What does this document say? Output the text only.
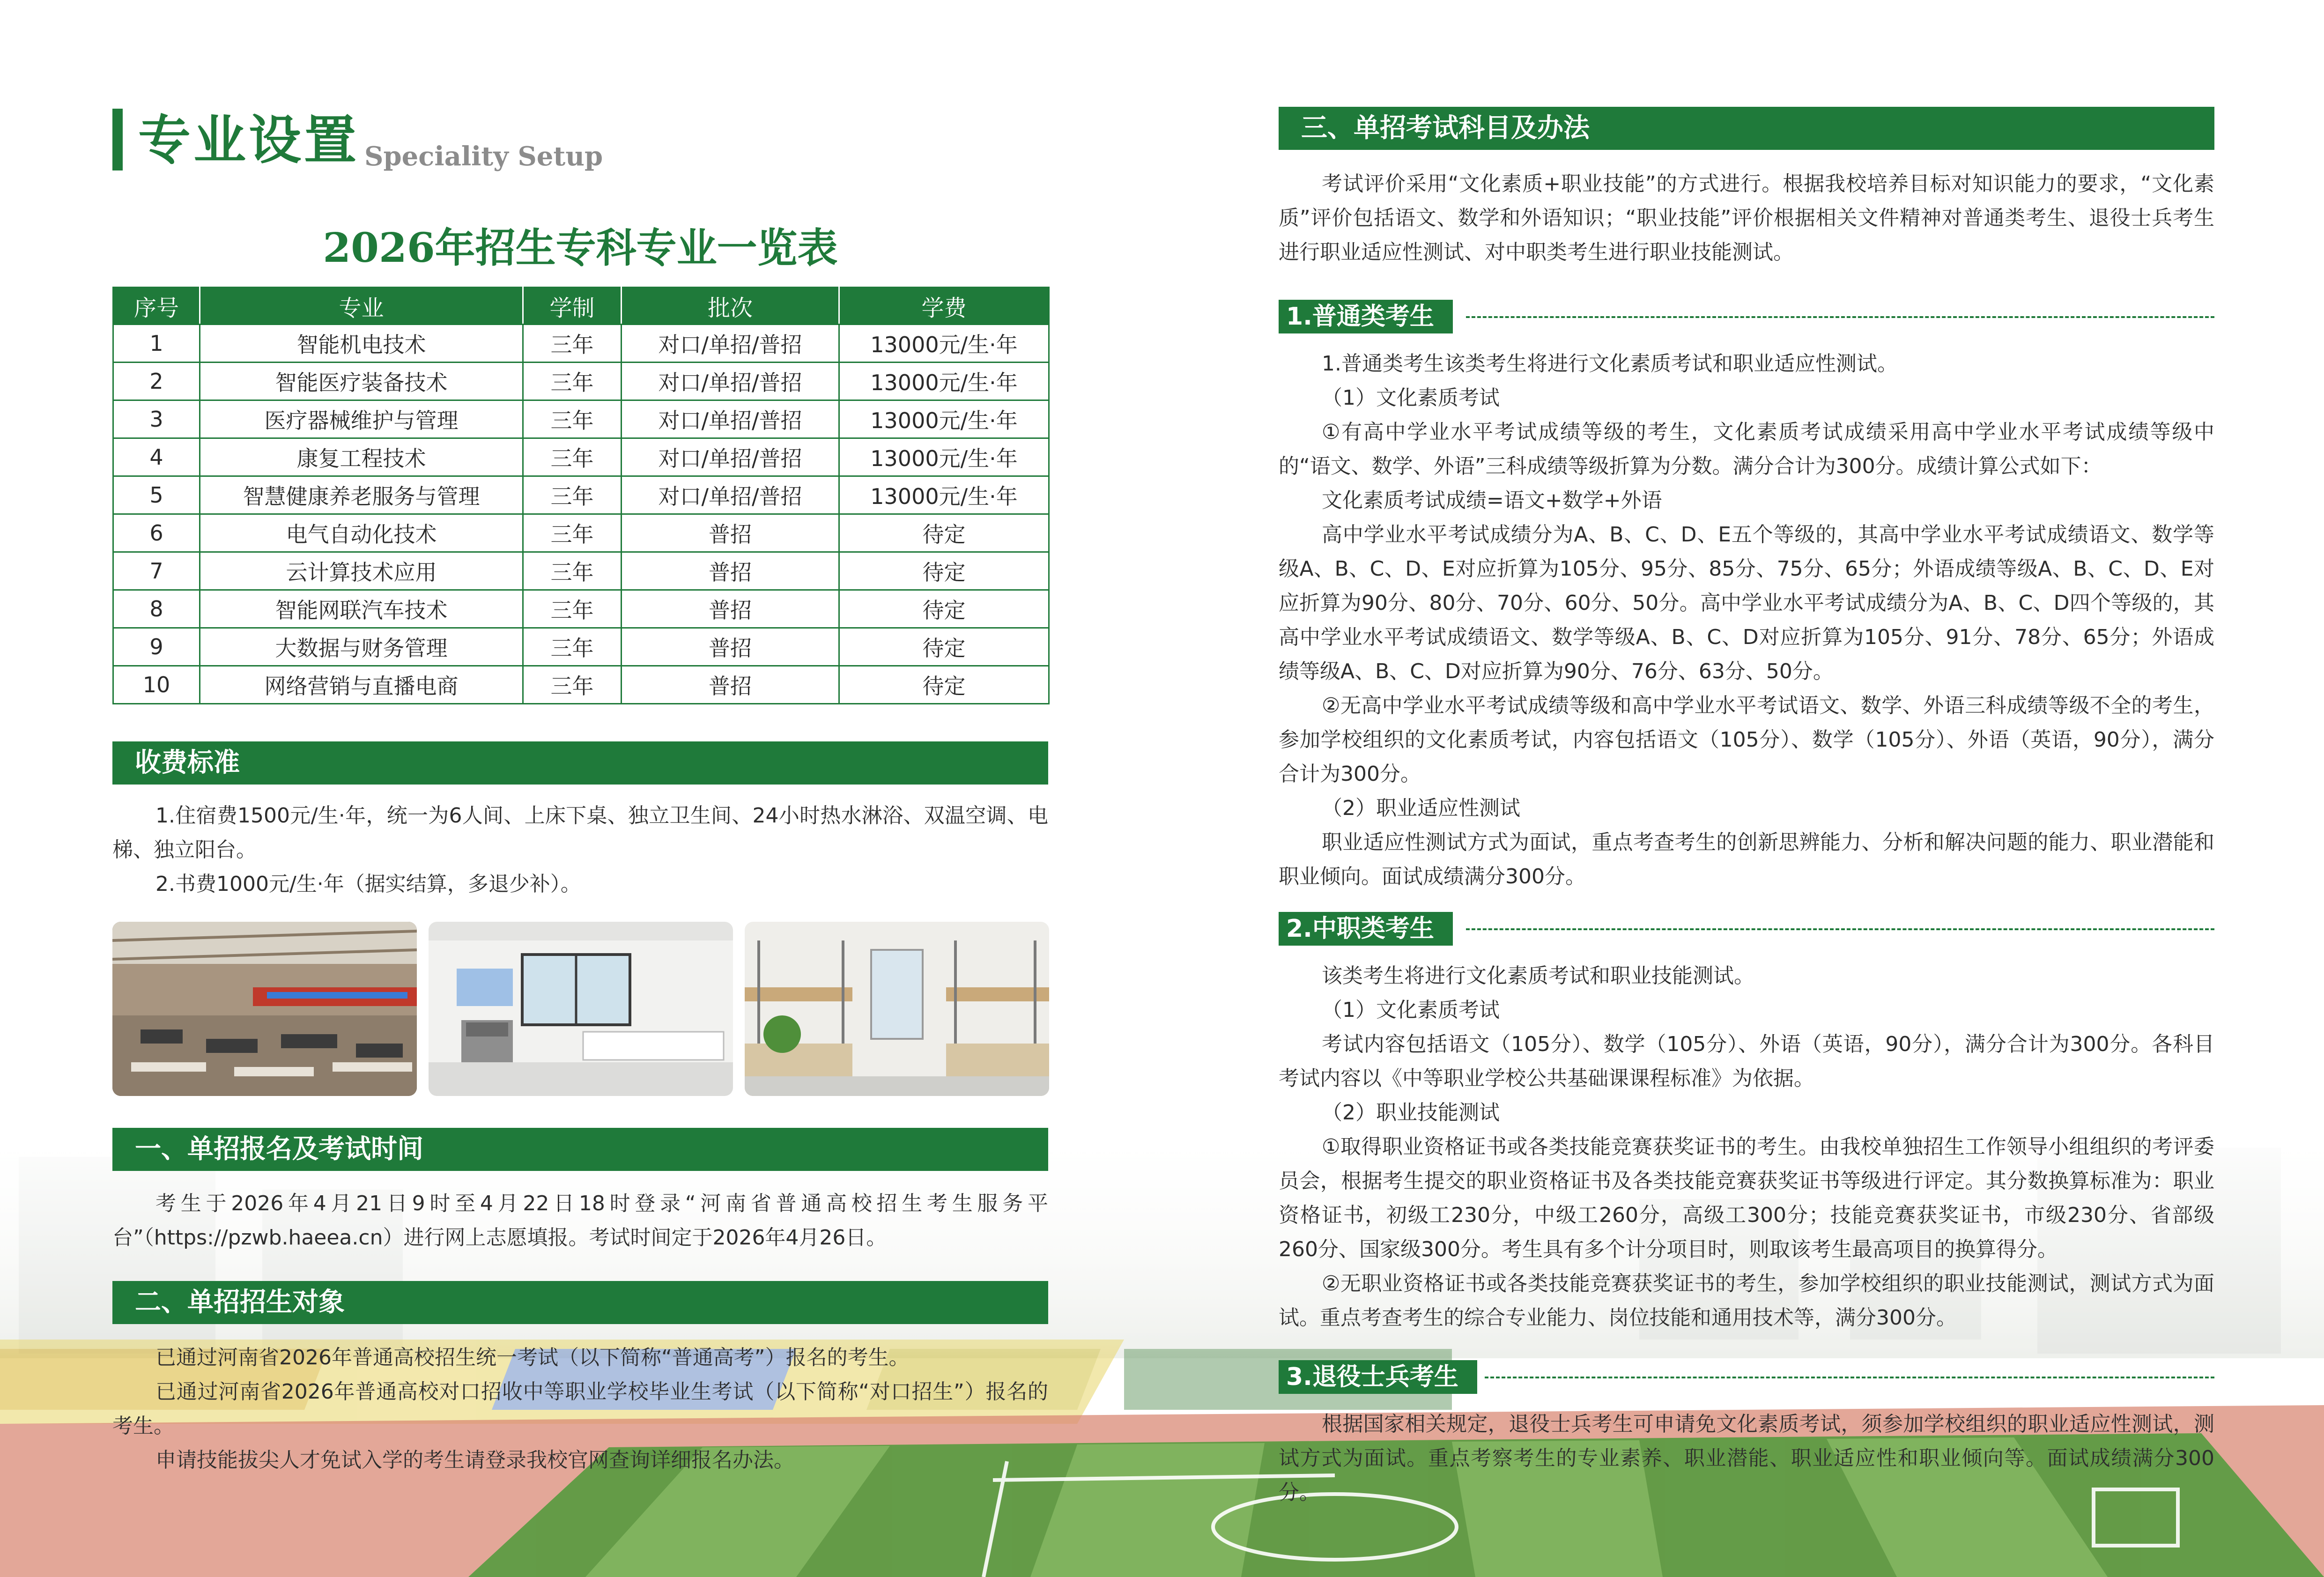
专业设置 Speciality Setup
2026年招生专科专业一览表
序号	专业	学制	批次	学费
1	智能机电技术	三年	对口/单招/普招	13000元/生·年
2	智能医疗装备技术	三年	对口/单招/普招	13000元/生·年
3	医疗器械维护与管理	三年	对口/单招/普招	13000元/生·年
4	康复工程技术	三年	对口/单招/普招	13000元/生·年
5	智慧健康养老服务与管理	三年	对口/单招/普招	13000元/生·年
6	电气自动化技术	三年	普招	待定
7	云计算技术应用	三年	普招	待定
8	智能网联汽车技术	三年	普招	待定
9	大数据与财务管理	三年	普招	待定
10	网络营销与直播电商	三年	普招	待定
收费标准

1.住宿费1500元/生·年，统一为6人间、上床下桌、独立卫生间、24小时热水淋浴、双温空调、电梯、独立阳台。

2.书费1000元/生·年（据实结算，多退少补）。

一、单招报名及考试时间

考生于2026年4月21日9时至4月22日18时登录“河南省普通高校招生考生服务平台”（https://pzwb.haeea.cn）进行网上志愿填报。考试时间定于2026年4月26日。

二、单招招生对象

已通过河南省2026年普通高校招生统一考试（以下简称“普通高考”）报名的考生。

已通过河南省2026年普通高校对口招收中等职业学校毕业生考试（以下简称“对口招生”）报名的考生。

申请技能拔尖人才免试入学的考生请登录我校官网查询详细报名办法。

三、单招考试科目及办法

考试评价采用“文化素质+职业技能”的方式进行。根据我校培养目标对知识能力的要求，“文化素质”评价包括语文、数学和外语知识；“职业技能”评价根据相关文件精神对普通类考生、退役士兵考生进行职业适应性测试、对中职类考生进行职业技能测试。

1.普通类考生

1.普通类考生该类考生将进行文化素质考试和职业适应性测试。

（1）文化素质考试

①有高中学业水平考试成绩等级的考生，文化素质考试成绩采用高中学业水平考试成绩等级中的“语文、数学、外语”三科成绩等级折算为分数。满分合计为300分。成绩计算公式如下：

文化素质考试成绩=语文+数学+外语

高中学业水平考试成绩分为A、B、C、D、E五个等级的，其高中学业水平考试成绩语文、数学等级A、B、C、D、E对应折算为105分、95分、85分、75分、65分；外语成绩等级A、B、C、D、E对应折算为90分、80分、70分、60分、50分。高中学业水平考试成绩分为A、B、C、D四个等级的，其高中学业水平考试成绩语文、数学等级A、B、C、D对应折算为105分、91分、78分、65分；外语成绩等级A、B、C、D对应折算为90分、76分、63分、50分。

②无高中学业水平考试成绩等级和高中学业水平考试语文、数学、外语三科成绩等级不全的考生，参加学校组织的文化素质考试，内容包括语文（105分）、数学（105分）、外语（英语，90分），满分合计为300分。

（2）职业适应性测试

职业适应性测试方式为面试，重点考查考生的创新思辨能力、分析和解决问题的能力、职业潜能和职业倾向。面试成绩满分300分。

2.中职类考生

该类考生将进行文化素质考试和职业技能测试。

（1）文化素质考试

考试内容包括语文（105分）、数学（105分）、外语（英语，90分），满分合计为300分。各科目考试内容以《中等职业学校公共基础课课程标准》为依据。

（2）职业技能测试

①取得职业资格证书或各类技能竞赛获奖证书的考生。由我校单独招生工作领导小组组织的考评委员会，根据考生提交的职业资格证书及各类技能竞赛获奖证书等级进行评定。其分数换算标准为：职业资格证书，初级工230分，中级工260分，高级工300分；技能竞赛获奖证书，市级230分、省部级260分、国家级300分。考生具有多个计分项目时，则取该考生最高项目的换算得分。

②无职业资格证书或各类技能竞赛获奖证书的考生，参加学校组织的职业技能测试，测试方式为面试。重点考查考生的综合专业能力、岗位技能和通用技术等，满分300分。

3.退役士兵考生

根据国家相关规定，退役士兵考生可申请免文化素质考试，须参加学校组织的职业适应性测试，测试方式为面试。重点考察考生的专业素养、职业潜能、职业适应性和职业倾向等。面试成绩满分300分。
